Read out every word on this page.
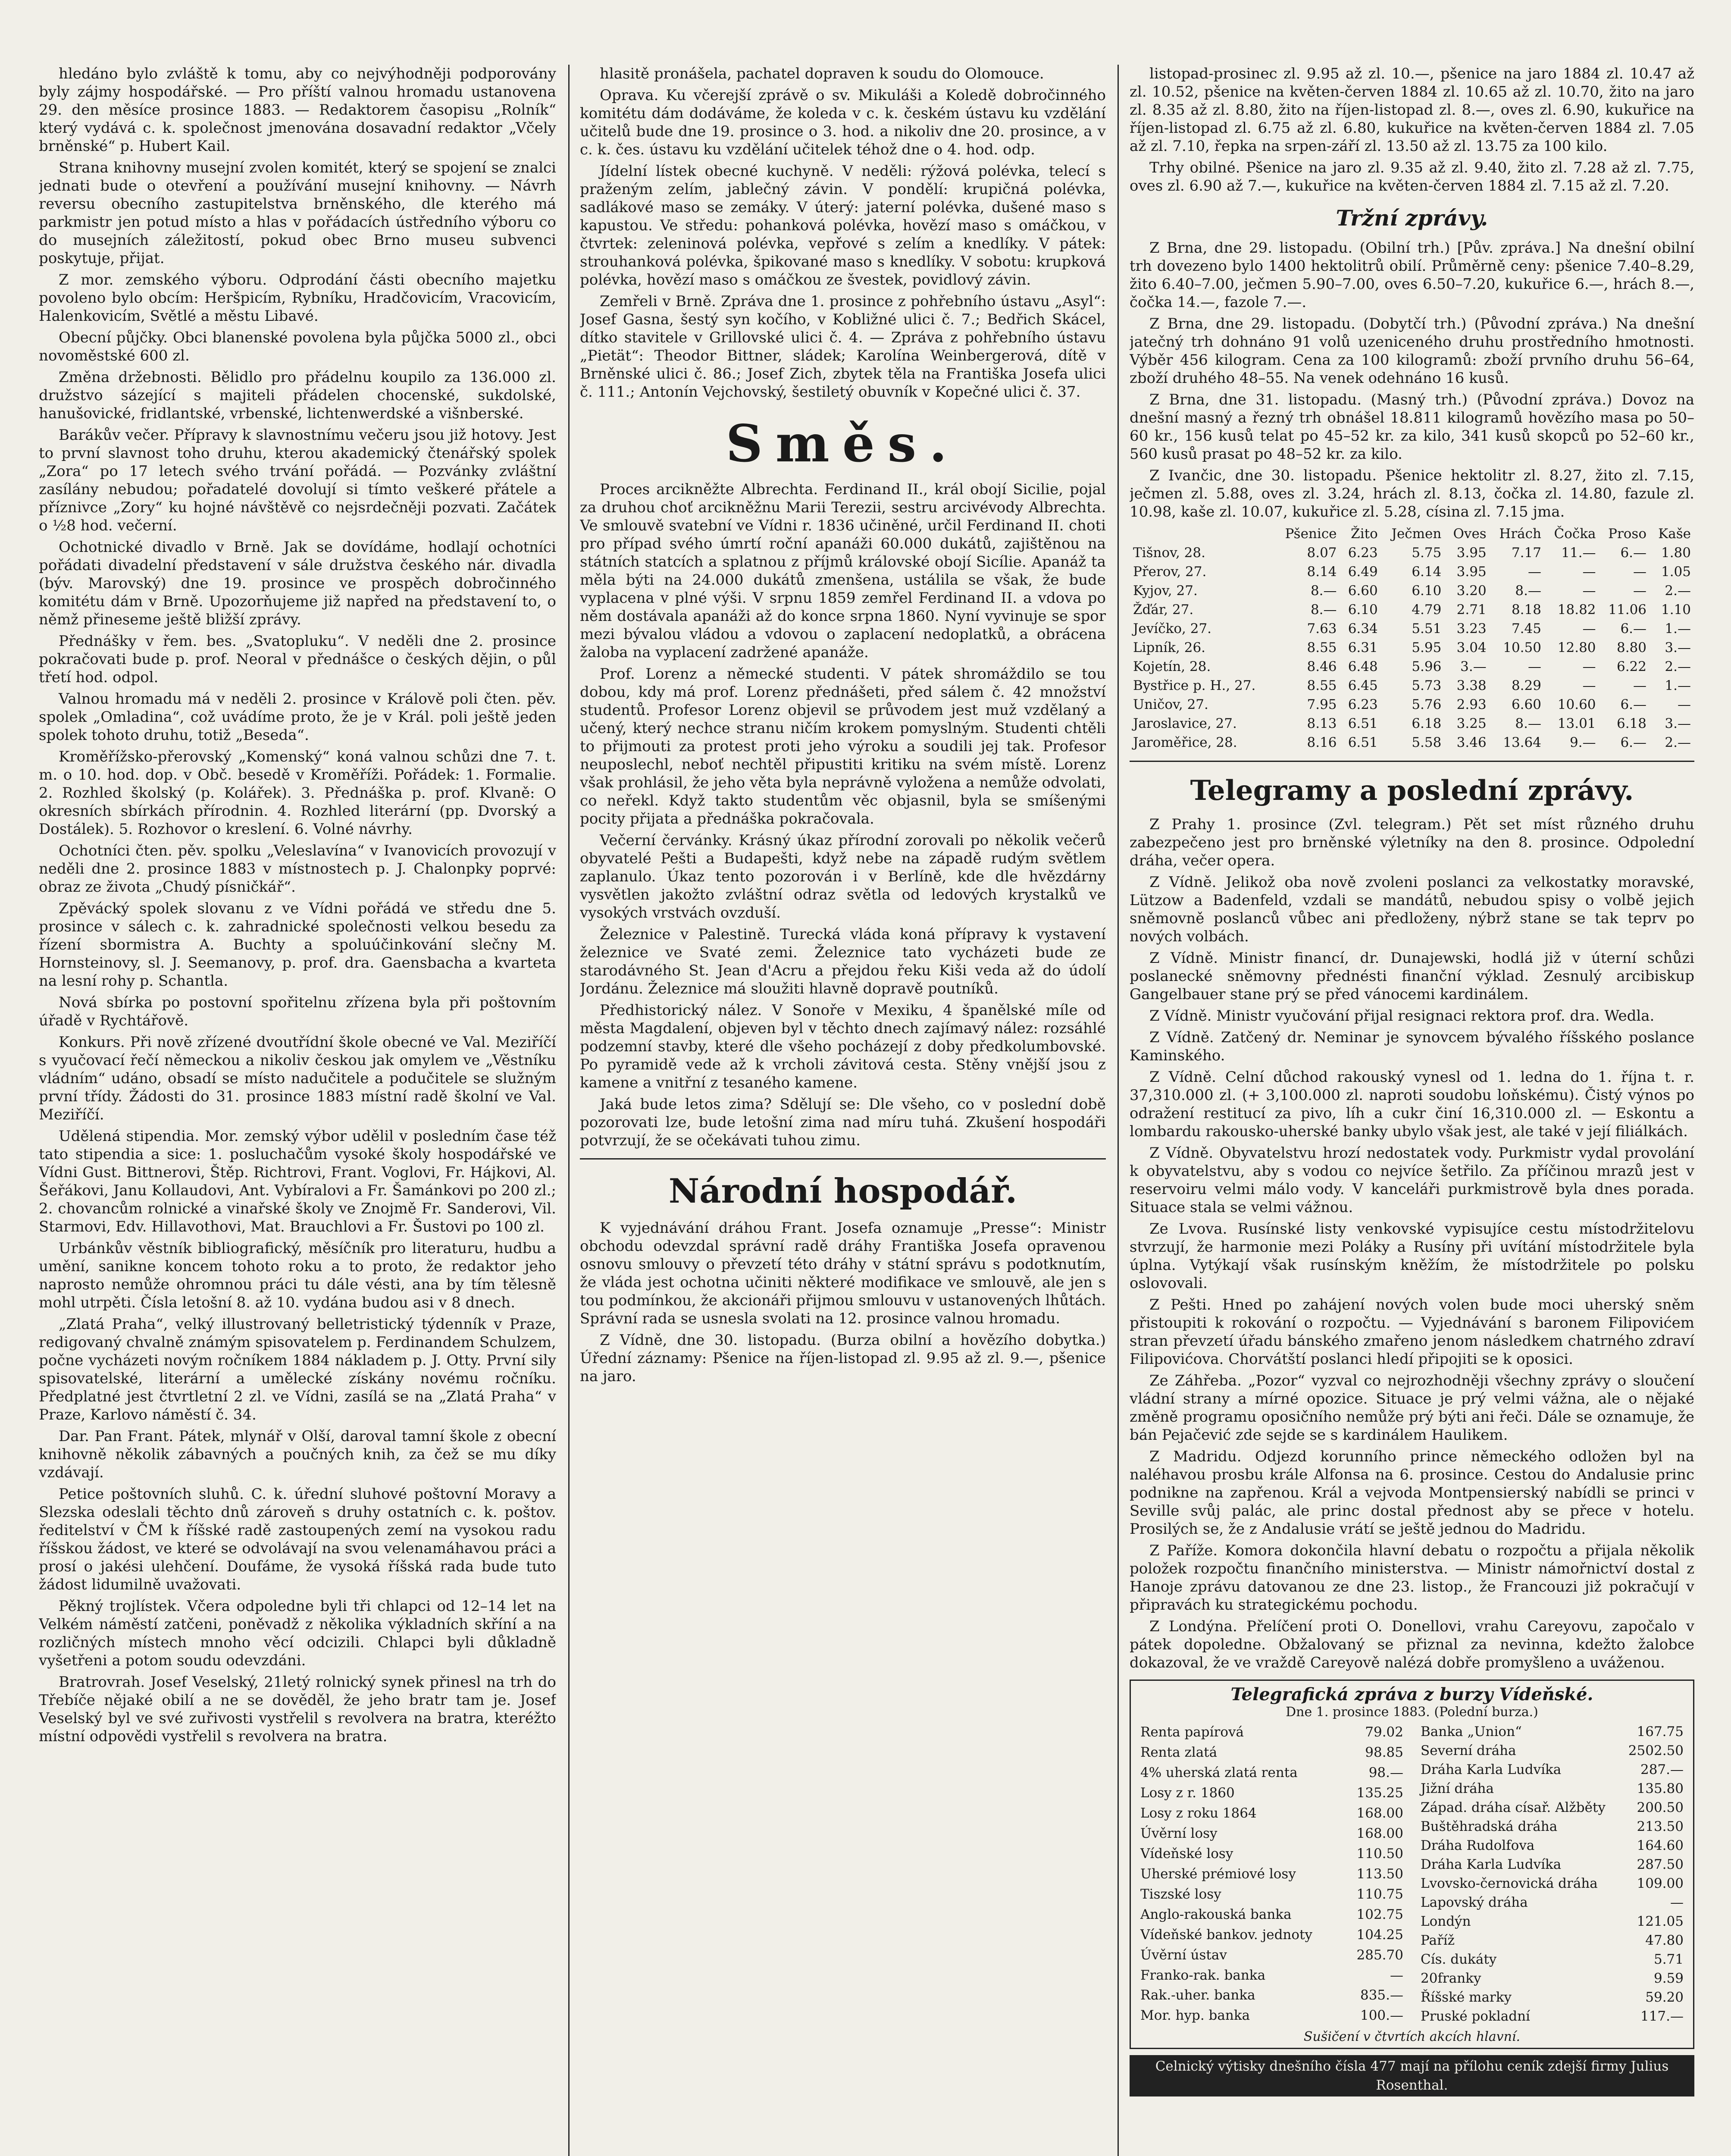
hledáno bylo zvláště k tomu, aby co nejvýhodněji podporovány byly zájmy hospodářské. — Pro příští valnou hromadu ustanovena 29. den měsíce prosince 1883. — Redaktorem časopisu „Rolník“ který vydává c. k. společnost jmenována dosavadní redaktor „Včely brněnské“ p. Hubert Kail.

Strana knihovny musejní zvolen komitét, který se spojení se znalci jednati bude o otevření a používání musejní knihovny. — Návrh reversu obecního zastupitelstva brněnského, dle kterého má parkmistr jen potud místo a hlas v pořádacích ústředního výboru co do musejních záležitostí, pokud obec Brno museu subvenci poskytuje, přijat.

Z mor. zemského výboru. Odprodání části obecního majetku povoleno bylo obcím: Heršpicím, Rybníku, Hradčovicím, Vracovicím, Halenkovicím, Světlé a městu Libavé.

Obecní půjčky. Obci blanenské povolena byla půjčka 5000 zl., obci novoměstské 600 zl.

Změna držebnosti. Bělidlo pro přádelnu koupilo za 136.000 zl. družstvo sázející s majiteli přádelen chocenské, sukdolské, hanušovické, fridlantské, vrbenské, lichtenwerdské a višnberské.

Barákův večer. Přípravy k slavnostnímu večeru jsou již hotovy. Jest to první slavnost toho druhu, kterou akademický čtenářský spolek „Zora“ po 17 letech svého trvání pořádá. — Pozvánky zvláštní zasílány nebudou; pořadatelé dovolují si tímto veškeré přátele a příznivce „Zory“ ku hojné návštěvě co nejsrdečněji pozvati. Začátek o ½8 hod. večerní.

Ochotnické divadlo v Brně. Jak se dovídáme, hodlají ochotníci pořádati divadelní představení v sále družstva českého nár. divadla (býv. Marovský) dne 19. prosince ve prospěch dobročinného komitétu dám v Brně. Upozorňujeme již napřed na představení to, o němž přineseme ještě bližší zprávy.

Přednášky v řem. bes. „Svatopluku“. V neděli dne 2. prosince pokračovati bude p. prof. Neoral v přednášce o českých dějin, o půl třetí hod. odpol.

Valnou hromadu má v neděli 2. prosince v Králově poli čten. pěv. spolek „Omladina“, což uvádíme proto, že je v Král. poli ještě jeden spolek tohoto druhu, totiž „Beseda“.

Kroměřížsko-přerovský „Komenský“ koná valnou schůzi dne 7. t. m. o 10. hod. dop. v Obč. besedě v Kroměříži. Pořádek: 1. Formalie. 2. Rozhled školský (p. Kolářek). 3. Přednáška p. prof. Klvaně: O okresních sbírkách přírodnin. 4. Rozhled literární (pp. Dvorský a Dostálek). 5. Rozhovor o kreslení. 6. Volné návrhy.

Ochotníci čten. pěv. spolku „Veleslavína“ v Ivanovicích provozují v neděli dne 2. prosince 1883 v místnostech p. J. Chalonpky poprvé: obraz ze života „Chudý písničkář“.

Zpěvácký spolek slovanu z ve Vídni pořádá ve středu dne 5. prosince v sálech c. k. zahradnické společnosti velkou besedu za řízení sbormistra A. Buchty a spoluúčinkování slečny M. Hornsteinovy, sl. J. Seemanovy, p. prof. dra. Gaensbacha a kvarteta na lesní rohy p. Schantla.

Nová sbírka po postovní spořitelnu zřízena byla při poštovním úřadě v Rychtářově.

Konkurs. Při nově zřízené dvoutřídní škole obecné ve Val. Meziříčí s vyučovací řečí německou a nikoliv českou jak omylem ve „Věstníku vládním“ udáno, obsadí se místo nadučitele a podučitele se služným první třídy. Žádosti do 31. prosince 1883 místní radě školní ve Val. Meziříčí.

Udělená stipendia. Mor. zemský výbor udělil v posledním čase též tato stipendia a sice: 1. posluchačům vysoké školy hospodářské ve Vídni Gust. Bittnerovi, Štěp. Richtrovi, Frant. Voglovi, Fr. Hájkovi, Al. Šeřákovi, Janu Kollaudovi, Ant. Vybíralovi a Fr. Šamánkovi po 200 zl.; 2. chovancům rolnické a vinařské školy ve Znojmě Fr. Sanderovi, Vil. Starmovi, Edv. Hillavothovi, Mat. Brauchlovi a Fr. Šustovi po 100 zl.

Urbánkův věstník bibliografický, měsíčník pro literaturu, hudbu a umění, sanikne koncem tohoto roku a to proto, že redaktor jeho naprosto nemůže ohromnou práci tu dále vésti, ana by tím tělesně mohl utrpěti. Čísla letošní 8. až 10. vydána budou asi v 8 dnech.

„Zlatá Praha“, velký illustrovaný belletristický týdenník v Praze, redigovaný chvalně známým spisovatelem p. Ferdinandem Schulzem, počne vycházeti novým ročníkem 1884 nákladem p. J. Otty. První sily spisovatelské, literární a umělecké získány novému ročníku. Předplatné jest čtvrtletní 2 zl. ve Vídni, zasílá se na „Zlatá Praha“ v Praze, Karlovo náměstí č. 34.

Dar. Pan Frant. Pátek, mlynář v Olší, daroval tamní škole z obecní knihovně několik zábavných a poučných knih, za čež se mu díky vzdávají.

Petice poštovních sluhů. C. k. úřední sluhové poštovní Moravy a Slezska odeslali těchto dnů zároveň s druhy ostatních c. k. poštov. ředitelství v ČM k říšské radě zastoupených zemí na vysokou radu říšskou žádost, ve které se odvolávají na svou velenamáhavou práci a prosí o jakési ulehčení. Doufáme, že vysoká říšská rada bude tuto žádost lidumilně uvažovati.

Pěkný trojlístek. Včera odpoledne byli tři chlapci od 12–14 let na Velkém náměstí zatčeni, poněvadž z několika výkladních skříní a na rozličných místech mnoho věcí odcizili. Chlapci byli důkladně vyšetřeni a potom soudu odevzdáni.

Bratrovrah. Josef Veselský, 21letý rolnický synek přinesl na trh do Třebíče nějaké obilí a ne se dověděl, že jeho bratr tam je. Josef Veselský byl ve své zuřivosti vystřelil s revolvera na bratra, kteréžto místní odpovědi vystřelil s revolvera na bratra.

hlasitě pronášela, pachatel dopraven k soudu do Olomouce.

Oprava. Ku včerejší zprávě o sv. Mikuláši a Koledě dobročinného komitétu dám dodáváme, že koleda v c. k. českém ústavu ku vzdělání učitelů bude dne 19. prosince o 3. hod. a nikoliv dne 20. prosince, a v c. k. čes. ústavu ku vzdělání učitelek téhož dne o 4. hod. odp.

Jídelní lístek obecné kuchyně. V neděli: rýžová polévka, telecí s praženým zelím, jablečný závin. V pondělí: krupičná polévka, sadlákové maso se zemáky. V úterý: jaterní polévka, dušené maso s kapustou. Ve středu: pohanková polévka, hovězí maso s omáčkou, v čtvrtek: zeleninová polévka, vepřové s zelím a knedlíky. V pátek: strouhanková polévka, špikované maso s knedlíky. V sobotu: krupková polévka, hovězí maso s omáčkou ze švestek, povidlový závin.

Zemřeli v Brně. Zpráva dne 1. prosince z pohřebního ústavu „Asyl“: Josef Gasna, šestý syn kočího, v Kobližné ulici č. 7.; Bedřich Skácel, dítko stavitele v Grillovské ulici č. 4. — Zpráva z pohřebního ústavu „Pietät“: Theodor Bittner, sládek; Karolína Weinbergerová, dítě v Brněnské ulici č. 86.; Josef Zich, zbytek těla na Františka Josefa ulici č. 111.; Antonín Vejchovský, šestiletý obuvník v Kopečné ulici č. 37.

Směs.

Proces arcikněžte Albrechta. Ferdinand II., král obojí Sicilie, pojal za druhou choť arcikněžnu Marii Terezii, sestru arcivévody Albrechta. Ve smlouvě svatební ve Vídni r. 1836 učiněné, určil Ferdinand II. choti pro případ svého úmrtí roční apanáži 60.000 dukátů, zajištěnou na státních statcích a splatnou z příjmů královské obojí Sicílie. Apanáž ta měla býti na 24.000 dukátů zmenšena, ustálila se však, že bude vyplacena v plné výši. V srpnu 1859 zemřel Ferdinand II. a vdova po něm dostávala apanáži až do konce srpna 1860. Nyní vyvinuje se spor mezi bývalou vládou a vdovou o zaplacení nedoplatků, a obrácena žaloba na vyplacení zadržené apanáže.

Prof. Lorenz a německé studenti. V pátek shromáždilo se tou dobou, kdy má prof. Lorenz přednášeti, před sálem č. 42 množství studentů. Profesor Lorenz objevil se průvodem jest muž vzdělaný a učený, který nechce stranu ničím krokem pomyslným. Studenti chtěli to přijmouti za protest proti jeho výroku a soudili jej tak. Profesor neuposlechl, neboť nechtěl připustiti kritiku na svém místě. Lorenz však prohlásil, že jeho věta byla neprávně vyložena a nemůže odvolati, co neřekl. Když takto studentům věc objasnil, byla se smíšenými pocity přijata a přednáška pokračovala.

Večerní červánky. Krásný úkaz přírodní zorovali po několik večerů obyvatelé Pešti a Budapešti, když nebe na západě rudým světlem zaplanulo. Úkaz tento pozorován i v Berlíně, kde dle hvězdárny vysvětlen jakožto zvláštní odraz světla od ledových krystalků ve vysokých vrstvách ovzduší.

Železnice v Palestině. Turecká vláda koná přípravy k vystavení železnice ve Svaté zemi. Železnice tato vycházeti bude ze starodávného St. Jean d'Acru a přejdou řeku Kiši veda až do údolí Jordánu. Železnice má sloužiti hlavně dopravě poutníků.

Předhistorický nález. V Sonoře v Mexiku, 4 španělské míle od města Magdalení, objeven byl v těchto dnech zajímavý nález: rozsáhlé podzemní stavby, které dle všeho pocházejí z doby předkolumbovské. Po pyramidě vede až k vrcholi závitová cesta. Stěny vnější jsou z kamene a vnitřní z tesaného kamene.

Jaká bude letos zima? Sdělují se: Dle všeho, co v poslední době pozorovati lze, bude letošní zima nad míru tuhá. Zkušení hospodáři potvrzují, že se očekávati tuhou zimu.

Národní hospodář.

K vyjednávání dráhou Frant. Josefa oznamuje „Presse“: Ministr obchodu odevzdal správní radě dráhy Františka Josefa opravenou osnovu smlouvy o převzetí této dráhy v státní správu s podotknutím, že vláda jest ochotna učiniti některé modifikace ve smlouvě, ale jen s tou podmínkou, že akcionáři přijmou smlouvu v ustanovených lhůtách. Správní rada se usnesla svolati na 12. prosince valnou hromadu.

Z Vídně, dne 30. listopadu. (Burza obilní a hovězího dobytka.) Úřední záznamy: Pšenice na říjen-listopad zl. 9.95 až zl. 9.—, pšenice na jaro.

listopad-prosinec zl. 9.95 až zl. 10.—, pšenice na jaro 1884 zl. 10.47 až zl. 10.52, pšenice na květen-červen 1884 zl. 10.65 až zl. 10.70, žito na jaro zl. 8.35 až zl. 8.80, žito na říjen-listopad zl. 8.—, oves zl. 6.90, kukuřice na říjen-listopad zl. 6.75 až zl. 6.80, kukuřice na květen-červen 1884 zl. 7.05 až zl. 7.10, řepka na srpen-září zl. 13.50 až zl. 13.75 za 100 kilo.

Trhy obilné. Pšenice na jaro zl. 9.35 až zl. 9.40, žito zl. 7.28 až zl. 7.75, oves zl. 6.90 až 7.—, kukuřice na květen-červen 1884 zl. 7.15 až zl. 7.20.

Tržní zprávy.

Z Brna, dne 29. listopadu. (Obilní trh.) [Pův. zpráva.] Na dnešní obilní trh dovezeno bylo 1400 hektolitrů obilí. Průměrně ceny: pšenice 7.40–8.29, žito 6.40–7.00, ječmen 5.90–7.00, oves 6.50–7.20, kukuřice 6.—, hrách 8.—, čočka 14.—, fazole 7.—.

Z Brna, dne 29. listopadu. (Dobytčí trh.) (Původní zpráva.) Na dnešní jatečný trh dohnáno 91 volů uzeniceného druhu prostředního hmotnosti. Výběr 456 kilogram. Cena za 100 kilogramů: zboží prvního druhu 56–64, zboží druhého 48–55. Na venek odehnáno 16 kusů.

Z Brna, dne 31. listopadu. (Masný trh.) (Původní zpráva.) Dovoz na dnešní masný a řezný trh obnášel 18.811 kilogramů hovězího masa po 50–60 kr., 156 kusů telat po 45–52 kr. za kilo, 341 kusů skopců po 52–60 kr., 560 kusů prasat po 48–52 kr. za kilo.

Z Ivančic, dne 30. listopadu. Pšenice hektolitr zl. 8.27, žito zl. 7.15, ječmen zl. 5.88, oves zl. 3.24, hrách zl. 8.13, čočka zl. 14.80, fazule zl. 10.98, kaše zl. 10.07, kukuřice zl. 5.28, císina zl. 7.15 jma.

	Pšenice	Žito	Ječmen	Oves	Hrách	Čočka	Proso	Kaše
Tišnov, 28.	8.07	6.23	5.75	3.95	7.17	11.—	6.—	1.80
Přerov, 27.	8.14	6.49	6.14	3.95	—	—	—	1.05
Kyjov, 27.	8.—	6.60	6.10	3.20	8.—	—	—	2.—
Žďár, 27.	8.—	6.10	4.79	2.71	8.18	18.82	11.06	1.10
Jevíčko, 27.	7.63	6.34	5.51	3.23	7.45	—	6.—	1.—
Lipník, 26.	8.55	6.31	5.95	3.04	10.50	12.80	8.80	3.—
Kojetín, 28.	8.46	6.48	5.96	3.—	—	—	6.22	2.—
Bystřice p. H., 27.	8.55	6.45	5.73	3.38	8.29	—	—	1.—
Uničov, 27.	7.95	6.23	5.76	2.93	6.60	10.60	6.—	—
Jaroslavice, 27.	8.13	6.51	6.18	3.25	8.—	13.01	6.18	3.—
Jaroměřice, 28.	8.16	6.51	5.58	3.46	13.64	9.—	6.—	2.—
Telegramy a poslední zprávy.

Z Prahy 1. prosince (Zvl. telegram.) Pět set míst různého druhu zabezpečeno jest pro brněnské výletníky na den 8. prosince. Odpolední dráha, večer opera.

Z Vídně. Jelikož oba nově zvoleni poslanci za velkostatky moravské, Lützow a Badenfeld, vzdali se mandátů, nebudou spisy o volbě jejich sněmovně poslanců vůbec ani předloženy, nýbrž stane se tak teprv po nových volbách.

Z Vídně. Ministr financí, dr. Dunajewski, hodlá již v úterní schůzi poslanecké sněmovny přednésti finanční výklad. Zesnulý arcibiskup Gangelbauer stane prý se před vánocemi kardinálem.

Z Vídně. Ministr vyučování přijal resignaci rektora prof. dra. Wedla.

Z Vídně. Zatčený dr. Neminar je synovcem bývalého říšského poslance Kaminského.

Z Vídně. Celní důchod rakouský vynesl od 1. ledna do 1. října t. r. 37,310.000 zl. (+ 3,100.000 zl. naproti soudobu loňskému). Čistý výnos po odražení restitucí za pivo, líh a cukr činí 16,310.000 zl. — Eskontu a lombardu rakousko-uherské banky ubylo však jest, ale také v její filiálkách.

Z Vídně. Obyvatelstvu hrozí nedostatek vody. Purkmistr vydal provolání k obyvatelstvu, aby s vodou co nejvíce šetřilo. Za příčinou mrazů jest v reservoiru velmi málo vody. V kanceláři purkmistrově byla dnes porada. Situace stala se velmi vážnou.

Ze Lvova. Rusínské listy venkovské vypisujíce cestu místodržitelovu stvrzují, že harmonie mezi Poláky a Rusíny při uvítání místodržitele byla úplna. Vytýkají však rusínským kněžím, že místodržitele po polsku oslovovali.

Z Pešti. Hned po zahájení nových volen bude moci uherský sněm přistoupiti k rokování o rozpočtu. — Vyjednávání s baronem Filipovićem stran převzetí úřadu bánského zmařeno jenom následkem chatrného zdraví Filipovićova. Chorvátští poslanci hledí připojiti se k oposici.

Ze Záhřeba. „Pozor“ vyzval co nejrozhodněji všechny zprávy o sloučení vládní strany a mírné opozice. Situace je prý velmi vážna, ale o nějaké změně programu oposičního nemůže prý býti ani řeči. Dále se oznamuje, že bán Pejačević zde sejde se s kardinálem Haulikem.

Z Madridu. Odjezd korunního prince německého odložen byl na naléhavou prosbu krále Alfonsa na 6. prosince. Cestou do Andalusie princ podnikne na zapřenou. Král a vejvoda Montpensierský nabídli se princi v Seville svůj palác, ale princ dostal přednost aby se přece v hotelu. Prosilých se, že z Andalusie vrátí se ještě jednou do Madridu.

Z Paříže. Komora dokončila hlavní debatu o rozpočtu a přijala několik položek rozpočtu finančního ministerstva. — Ministr námořnictví dostal z Hanoje zprávu datovanou ze dne 23. listop., že Francouzi již pokračují v připravách ku strategickému pochodu.

Z Londýna. Přelíčení proti O. Donellovi, vrahu Careyovu, započalo v pátek dopoledne. Obžalovaný se přiznal za nevinna, kdežto žalobce dokazoval, že ve vraždě Careyově nalézá dobře promyšleno a uváženou.

Telegrafická zpráva z burzy Vídeňské.
Dne 1. prosince 1883. (Polední burza.)
Renta papírová	79.02
Renta zlatá	98.85
4% uherská zlatá renta	98.—
Losy z r. 1860	135.25
Losy z roku 1864	168.00
Úvěrní losy	168.00
Vídeňské losy	110.50
Uherské prémiové losy	113.50
Tiszské losy	110.75
Anglo-rakouská banka	102.75
Vídeňské bankov. jednoty	104.25
Úvěrní ústav	285.70
Franko-rak. banka	—
Rak.-uher. banka	835.—
Mor. hyp. banka	100.—
Banka „Union“	167.75
Severní dráha	2502.50
Dráha Karla Ludvíka	287.—
Jižní dráha	135.80
Západ. dráha císař. Alžběty	200.50
Buštěhradská dráha	213.50
Dráha Rudolfova	164.60
Dráha Karla Ludvíka	287.50
Lvovsko-černovická dráha	109.00
Lapovský dráha	—
Londýn	121.05
Paříž	47.80
Cís. dukáty	5.71
20franky	9.59
Říšské marky	59.20
Pruské pokladní	117.—
Sušičení v čtvrtích akcích hlavní.
Celnický výtisky dnešního čísla 477 mají na přílohu ceník zdejší firmy Julius Rosenthal.
